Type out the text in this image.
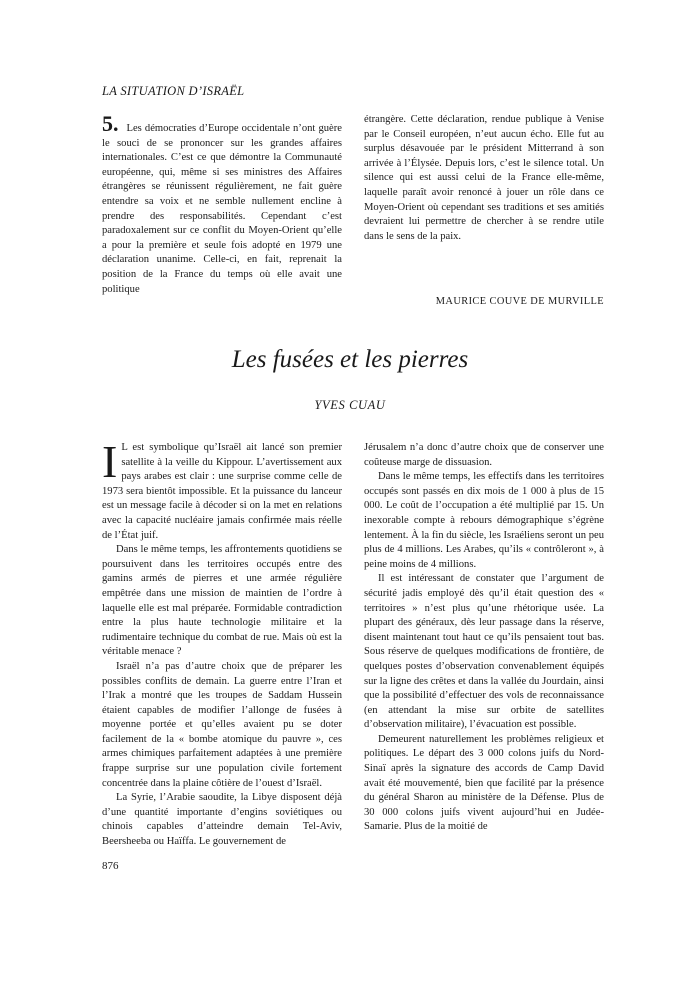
LA SITUATION D’ISRAËL

5. Les démocraties d’Europe occidentale n’ont guère le souci de se prononcer sur les grandes affaires internationales. C’est ce que démontre la Communauté européenne, qui, même si ses ministres des Affaires étrangères se réunissent régulièrement, ne fait guère entendre sa voix et ne semble nullement encline à prendre des responsabilités. Cependant c’est paradoxalement sur ce conflit du Moyen-Orient qu’elle a pour la première et seule fois adopté en 1979 une déclaration unanime. Celle-ci, en fait, reprenait la position de la France du temps où elle avait une politique

étrangère. Cette déclaration, rendue publique à Venise par le Conseil européen, n’eut aucun écho. Elle fut au surplus désavouée par le président Mitterrand à son arrivée à l’Élysée. Depuis lors, c’est le silence total. Un silence qui est aussi celui de la France elle-même, laquelle paraît avoir renoncé à jouer un rôle dans ce Moyen-Orient où cependant ses traditions et ses amitiés devraient lui permettre de chercher à se rendre utile dans le sens de la paix.

MAURICE COUVE DE MURVILLE
Les fusées et les pierres
YVES CUAU

I L est symbolique qu’Israël ait lancé son premier satellite à la veille du Kippour. L’avertissement aux pays arabes est clair : une surprise comme celle de 1973 sera bientôt impossible. Et la puissance du lanceur est un message facile à décoder si on la met en relations avec la capacité nucléaire jamais confirmée mais réelle de l’État juif.

Dans le même temps, les affrontements quotidiens se poursuivent dans les territoires occupés entre des gamins armés de pierres et une armée régulière empêtrée dans une mission de maintien de l’ordre à laquelle elle est mal préparée. Formidable contradiction entre la plus haute technologie militaire et la rudimentaire technique du combat de rue. Mais où est la véritable menace ?

Israël n’a pas d’autre choix que de préparer les possibles conflits de demain. La guerre entre l’Iran et l’Irak a montré que les troupes de Saddam Hussein étaient capables de modifier l’allonge de fusées à moyenne portée et qu’elles avaient pu se doter facilement de la « bombe atomique du pauvre », ces armes chimiques parfaitement adaptées à une première frappe surprise sur une population civile fortement concentrée dans la plaine côtière de l’ouest d’Israël.

La Syrie, l’Arabie saoudite, la Libye disposent déjà d’une quantité importante d’engins soviétiques ou chinois capables d’atteindre demain Tel-Aviv, Beersheeba ou Haïffa. Le gouvernement de

Jérusalem n’a donc d’autre choix que de conserver une coûteuse marge de dissuasion.

Dans le même temps, les effectifs dans les territoires occupés sont passés en dix mois de 1 000 à plus de 15 000. Le coût de l’occupation a été multiplié par 15. Un inexorable compte à rebours démographique s’égrène lentement. À la fin du siècle, les Israéliens seront un peu plus de 4 millions. Les Arabes, qu’ils « contrôleront », à peine moins de 4 millions.

Il est intéressant de constater que l’argument de sécurité jadis employé dès qu’il était question des « territoires » n’est plus qu’une rhétorique usée. La plupart des généraux, dès leur passage dans la réserve, disent maintenant tout haut ce qu’ils pensaient tout bas. Sous réserve de quelques modifications de frontière, de quelques postes d’observation convenablement équipés sur la ligne des crêtes et dans la vallée du Jourdain, ainsi que la possibilité d’effectuer des vols de reconnaissance (en attendant la mise sur orbite de satellites d’observation militaire), l’évacuation est possible.

Demeurent naturellement les problèmes religieux et politiques. Le départ des 3 000 colons juifs du Nord-Sinaï après la signature des accords de Camp David avait été mouvementé, bien que facilité par la présence du général Sharon au ministère de la Défense. Plus de 30 000 colons juifs vivent aujourd’hui en Judée-Samarie. Plus de la moitié de

876
